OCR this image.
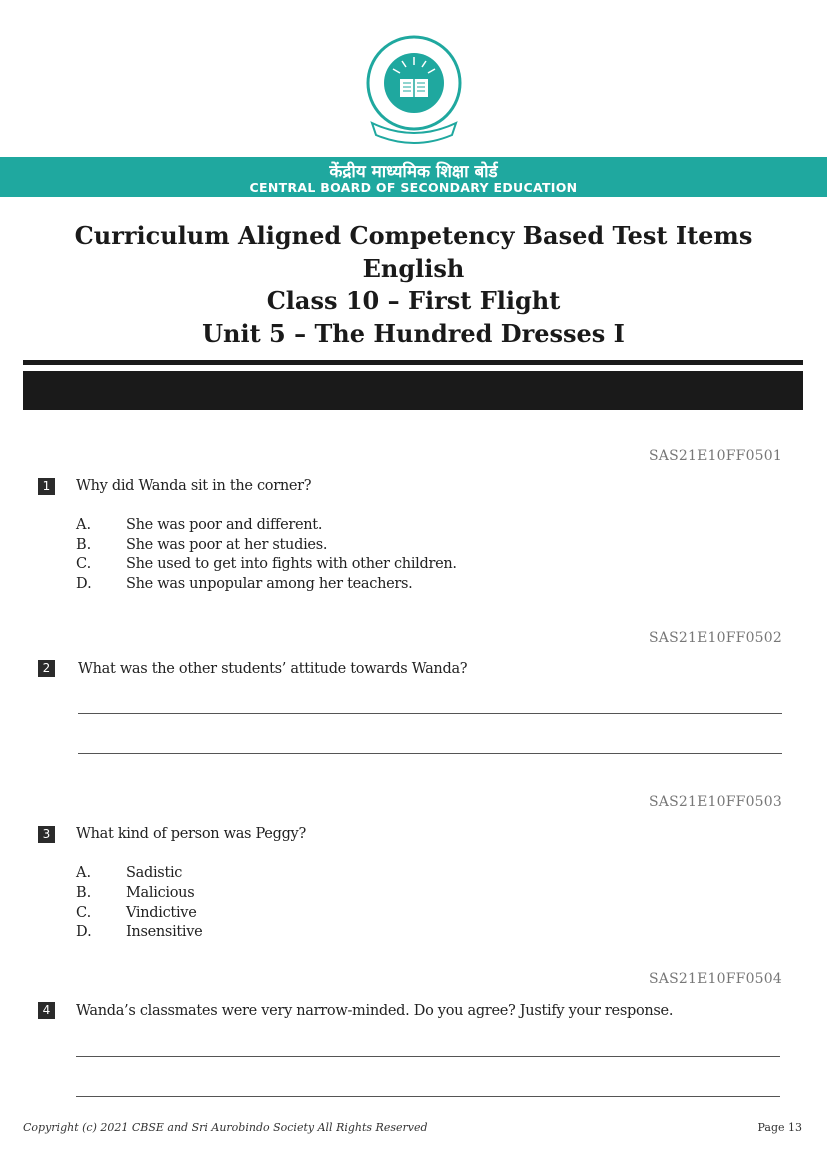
केंद्रीय माध्यमिक शिक्षा बोर्ड
CENTRAL BOARD OF SECONDARY EDUCATION
Curriculum Aligned Competency Based Test Items
English
Class 10 – First Flight
Unit 5 – The Hundred Dresses I
SAS21E10FF0501
1	Why did Wanda sit in the corner?
A. She was poor and different.
B. She was poor at her studies.
C. She used to get into fights with other children.
D. She was unpopular among her teachers.
SAS21E10FF0502
2	What was the other students’ attitude towards Wanda?
SAS21E10FF0503
3	What kind of person was Peggy?
A. Sadistic
B. Malicious
C. Vindictive
D. Insensitive
SAS21E10FF0504
4	Wanda’s classmates were very narrow-minded. Do you agree? Justify your response.
Copyright (c) 2021 CBSE and Sri Aurobindo Society All Rights Reserved	Page 13
